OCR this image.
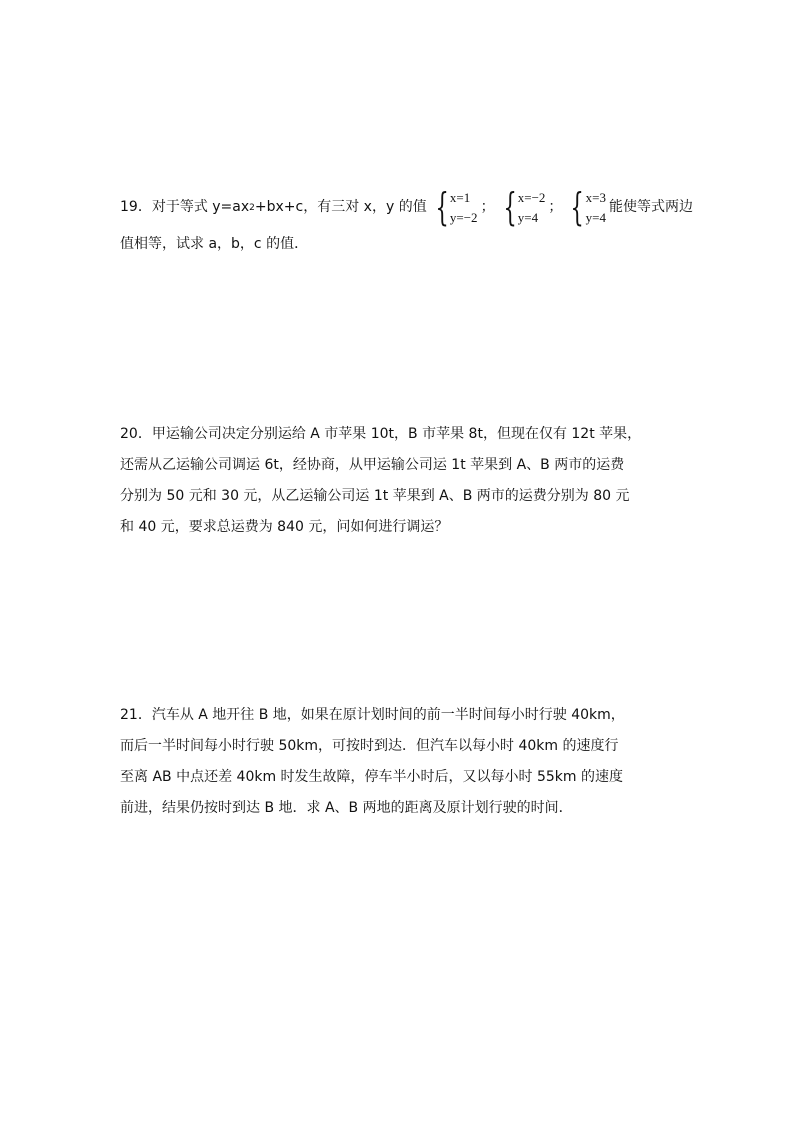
19．对于等式 y=ax 2 +bx+c，有三对 x，y 的值 { x=1
y=−2
； { x=−2
y=4
； { x=3
y=4
能使等式两边
值相等，试求 a，b，c 的值．
20．甲运输公司决定分别运给 A 市苹果 10t，B 市苹果 8t，但现在仅有 12t 苹果，
还需从乙运输公司调运 6t，经协商，从甲运输公司运 1t 苹果到 A、B 两市的运费
分别为 50 元和 30 元，从乙运输公司运 1t 苹果到 A、B 两市的运费分别为 80 元
和 40 元，要求总运费为 840 元，问如何进行调运？
21．汽车从 A 地开往 B 地，如果在原计划时间的前一半时间每小时行驶 40km，
而后一半时间每小时行驶 50km，可按时到达．但汽车以每小时 40km 的速度行
至离 AB 中点还差 40km 时发生故障，停车半小时后，又以每小时 55km 的速度
前进，结果仍按时到达 B 地．求 A、B 两地的距离及原计划行驶的时间．
